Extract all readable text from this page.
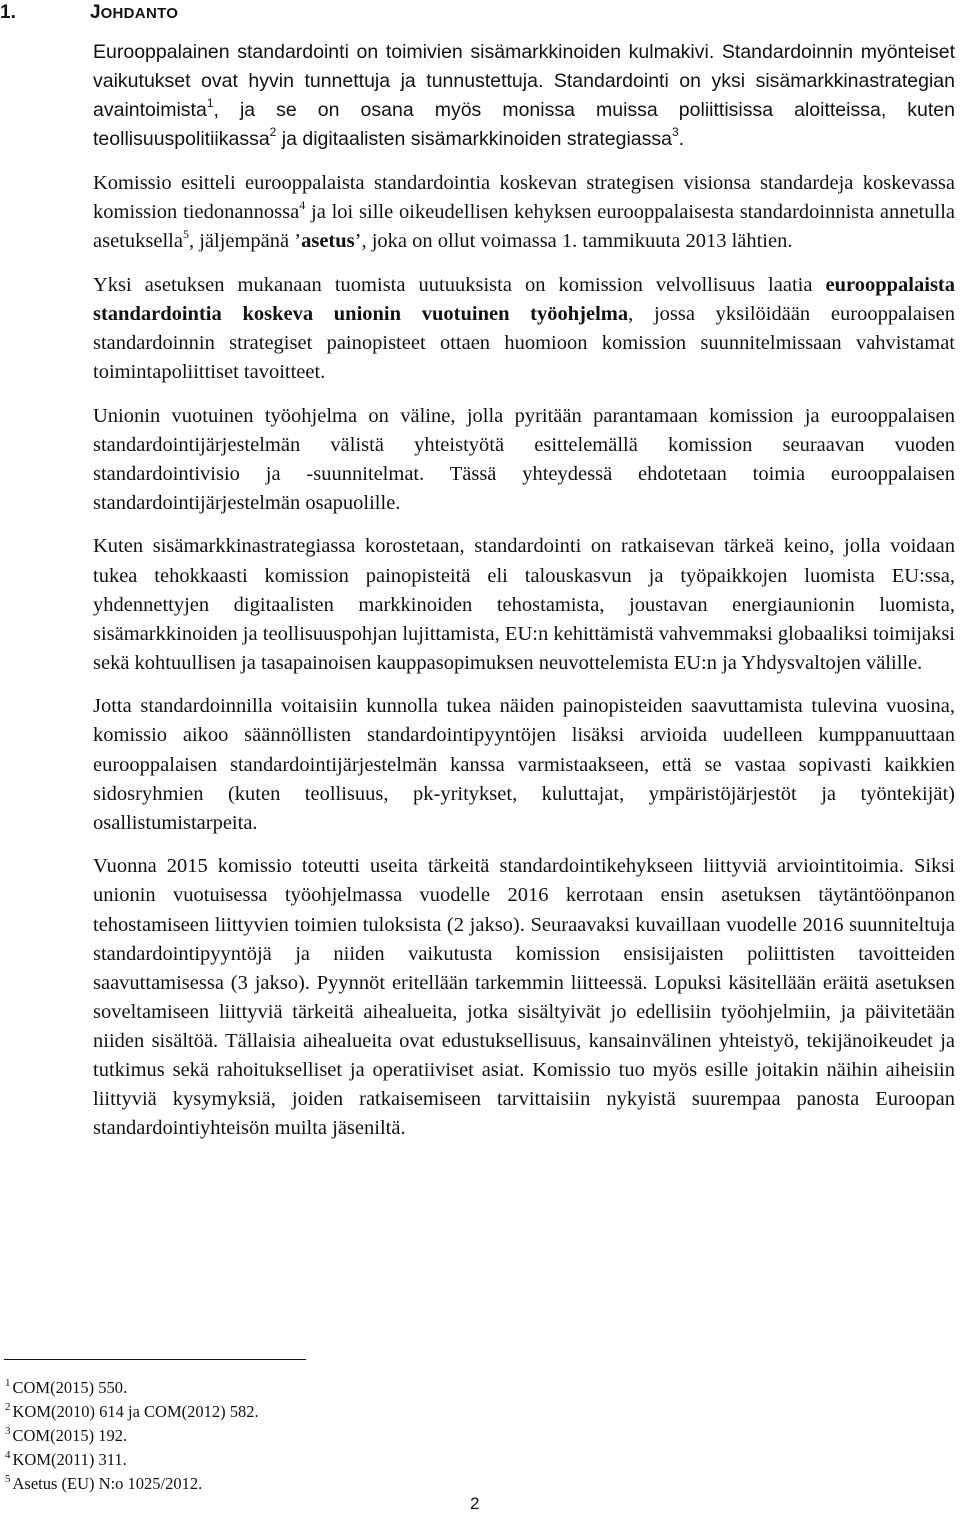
1.	JOHDANTO

Eurooppalainen standardointi on toimivien sisämarkkinoiden kulmakivi. Standardoinnin myönteiset vaikutukset ovat hyvin tunnettuja ja tunnustettuja. Standardointi on yksi sisämarkkinastrategian avaintoimista$^1$, ja se on osana myös monissa muissa poliittisissa aloitteissa, kuten teollisuuspolitiikassa$^2$ ja digitaalisten sisämarkkinoiden strategiassa$^3$.

Komissio esitteli eurooppalaista standardointia koskevan strategisen visionsa standardeja koskevassa komission tiedonannossa$^4$ ja loi sille oikeudellisen kehyksen eurooppalaisesta standardoinnista annetulla asetuksella$^5$, jäljempänä ’asetus’, joka on ollut voimassa 1. tammikuuta 2013 lähtien.

Yksi asetuksen mukanaan tuomista uutuuksista on komission velvollisuus laatia eurooppalaista standardointia koskeva unionin vuotuinen työohjelma, jossa yksilöidään eurooppalaisen standardoinnin strategiset painopisteet ottaen huomioon komission suunnitelmissaan vahvistamat toimintapoliittiset tavoitteet.

Unionin vuotuinen työohjelma on väline, jolla pyritään parantamaan komission ja eurooppalaisen standardointijärjestelmän välistä yhteistyötä esittelemällä komission seuraavan vuoden standardointivisio ja -suunnitelmat. Tässä yhteydessä ehdotetaan toimia eurooppalaisen standardointijärjestelmän osapuolille.

Kuten sisämarkkinastrategiassa korostetaan, standardointi on ratkaisevan tärkeä keino, jolla voidaan tukea tehokkaasti komission painopisteitä eli talouskasvun ja työpaikkojen luomista EU:ssa, yhdennettyjen digitaalisten markkinoiden tehostamista, joustavan energiaunionin luomista, sisämarkkinoiden ja teollisuuspohjan lujittamista, EU:n kehittämistä vahvemmaksi globaaliksi toimijaksi sekä kohtuullisen ja tasapainoisen kauppasopimuksen neuvottelemista EU:n ja Yhdysvaltojen välille.

Jotta standardoinnilla voitaisiin kunnolla tukea näiden painopisteiden saavuttamista tulevina vuosina, komissio aikoo säännöllisten standardointipyyntöjen lisäksi arvioida uudelleen kumppanuuttaan eurooppalaisen standardointijärjestelmän kanssa varmistaakseen, että se vastaa sopivasti kaikkien sidosryhmien (kuten teollisuus, pk-yritykset, kuluttajat, ympäristöjärjestöt ja työntekijät) osallistumistarpeita.

Vuonna 2015 komissio toteutti useita tärkeitä standardointikehykseen liittyviä arviointitoimia. Siksi unionin vuotuisessa työohjelmassa vuodelle 2016 kerrotaan ensin asetuksen täytäntöönpanon tehostamiseen liittyvien toimien tuloksista (2 jakso). Seuraavaksi kuvaillaan vuodelle 2016 suunniteltuja standardointipyyntöjä ja niiden vaikutusta komission ensisijaisten poliittisten tavoitteiden saavuttamisessa (3 jakso). Pyynnöt eritellään tarkemmin liitteessä. Lopuksi käsitellään eräitä asetuksen soveltamiseen liittyviä tärkeitä aihealueita, jotka sisältyivät jo edellisiin työohjelmiin, ja päivitetään niiden sisältöä. Tällaisia aihealueita ovat edustuksellisuus, kansainvälinen yhteistyö, tekijänoikeudet ja tutkimus sekä rahoitukselliset ja operatiiviset asiat. Komissio tuo myös esille joitakin näihin aiheisiin liittyviä kysymyksiä, joiden ratkaisemiseen tarvittaisiin nykyistä suurempaa panosta Euroopan standardointiyhteisön muilta jäseniltä.

$^1$ COM(2015) 550.
$^2$ KOM(2010) 614 ja COM(2012) 582.
$^3$ COM(2015) 192.
$^4$ KOM(2011) 311.
$^5$ Asetus (EU) N:o 1025/2012.
2
